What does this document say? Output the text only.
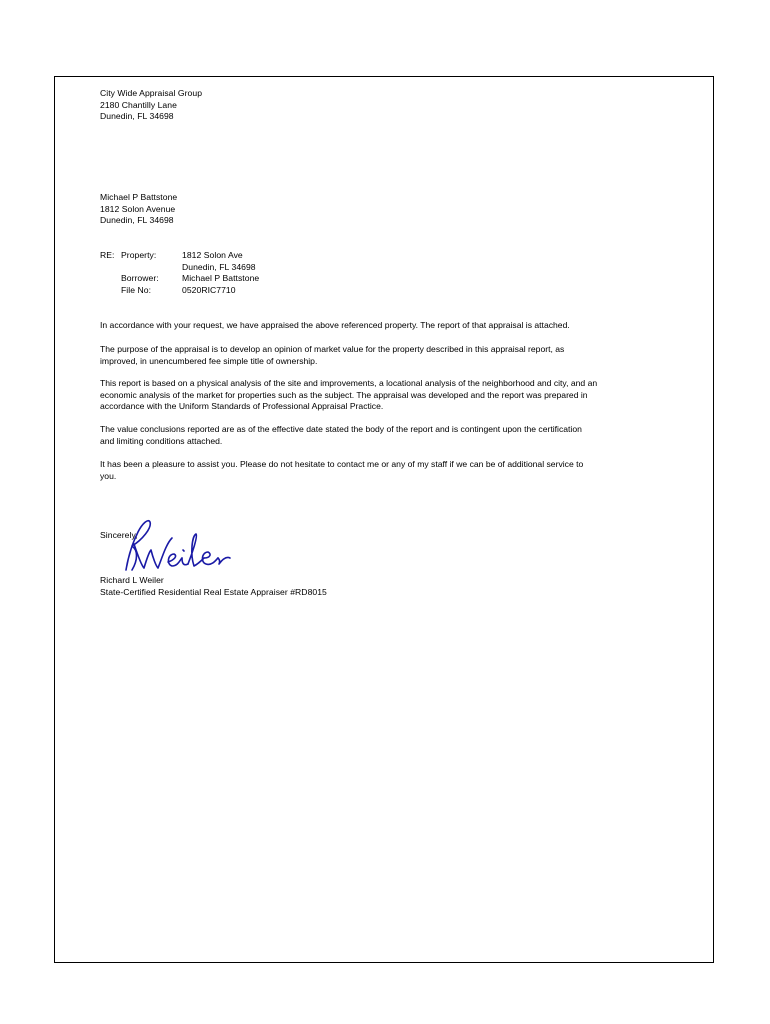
City Wide Appraisal Group
2180 Chantilly Lane
Dunedin, FL 34698
Michael P Battstone
1812 Solon Avenue
Dunedin, FL 34698
RE: Property:	1812 Solon Ave
Dunedin, FL 34698
Borrower:	Michael P Battstone
File No:	0520RIC7710
In accordance with your request, we have appraised the above referenced property. The report of that appraisal is attached.
The purpose of the appraisal is to develop an opinion of market value for the property described in this appraisal report, as
improved, in unencumbered fee simple title of ownership.
This report is based on a physical analysis of the site and improvements, a locational analysis of the neighborhood and city, and an
economic analysis of the market for properties such as the subject. The appraisal was developed and the report was prepared in
accordance with the Uniform Standards of Professional Appraisal Practice.
The value conclusions reported are as of the effective date stated the body of the report and is contingent upon the certification
and limiting conditions attached.
It has been a pleasure to assist you. Please do not hesitate to contact me or any of my staff if we can be of additional service to
you.
Sincerely,
Richard L Weiler
State-Certified Residential Real Estate Appraiser #RD8015
